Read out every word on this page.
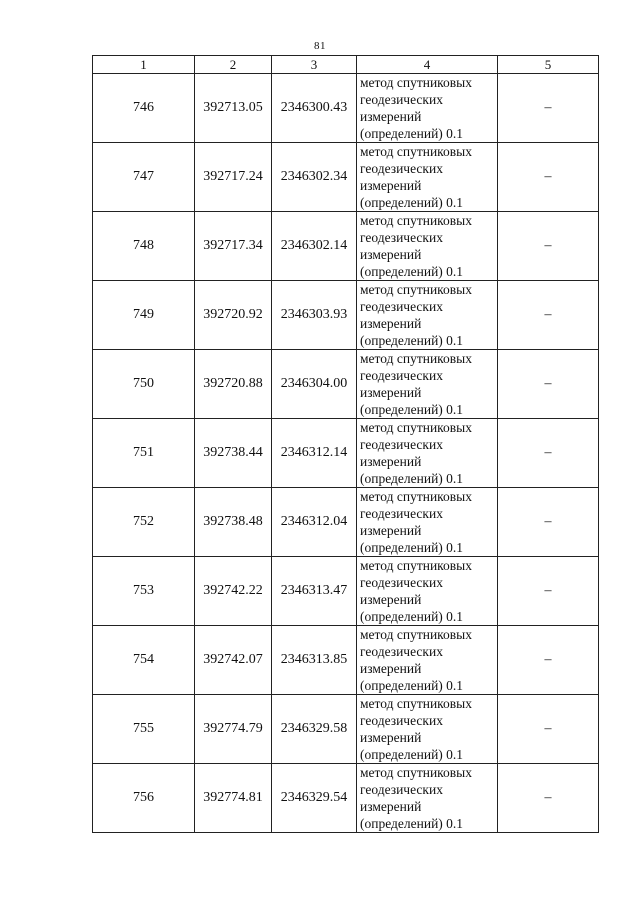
81
1	2	3	4	5
746	392713.05	2346300.43	метод спутниковых
геодезических
измерений
(определений) 0.1	–
747	392717.24	2346302.34	метод спутниковых
геодезических
измерений
(определений) 0.1	–
748	392717.34	2346302.14	метод спутниковых
геодезических
измерений
(определений) 0.1	–
749	392720.92	2346303.93	метод спутниковых
геодезических
измерений
(определений) 0.1	–
750	392720.88	2346304.00	метод спутниковых
геодезических
измерений
(определений) 0.1	–
751	392738.44	2346312.14	метод спутниковых
геодезических
измерений
(определений) 0.1	–
752	392738.48	2346312.04	метод спутниковых
геодезических
измерений
(определений) 0.1	–
753	392742.22	2346313.47	метод спутниковых
геодезических
измерений
(определений) 0.1	–
754	392742.07	2346313.85	метод спутниковых
геодезических
измерений
(определений) 0.1	–
755	392774.79	2346329.58	метод спутниковых
геодезических
измерений
(определений) 0.1	–
756	392774.81	2346329.54	метод спутниковых
геодезических
измерений
(определений) 0.1	–
